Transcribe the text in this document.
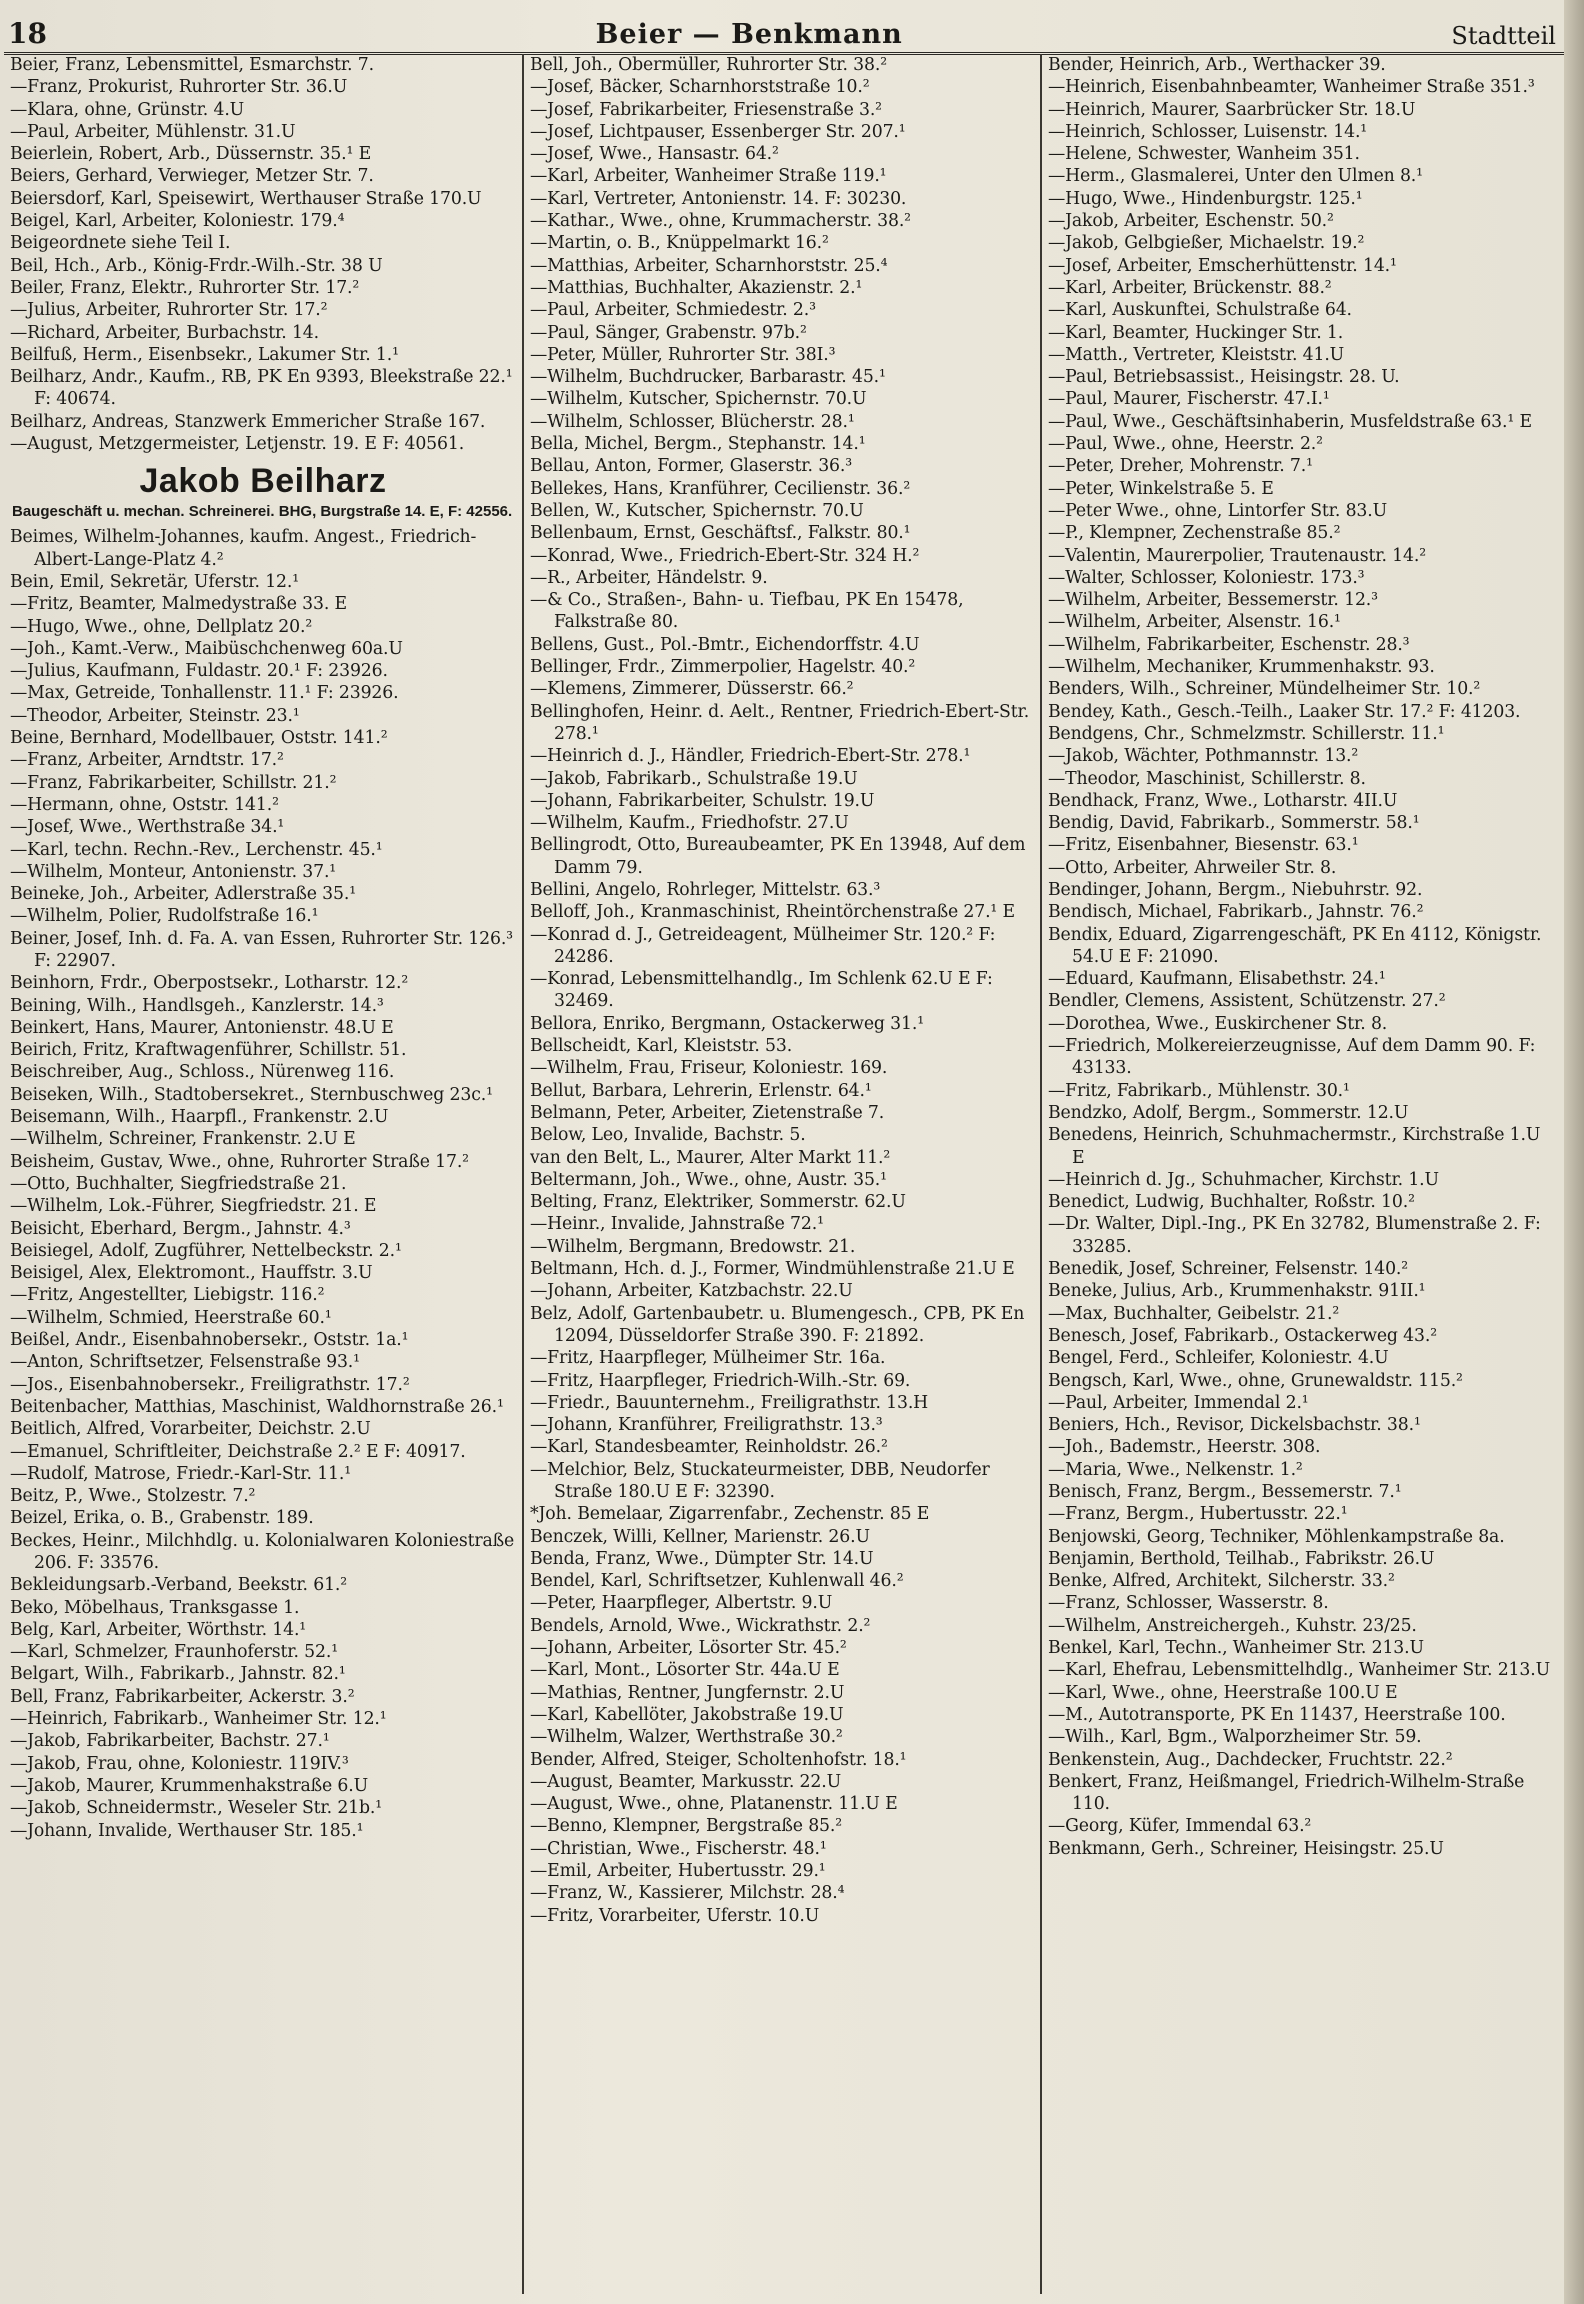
18	Beier — Benkmann	Stadtteil
Beier, Franz, Lebensmittel, Esmarchstr. 7.
—Franz, Prokurist, Ruhrorter Str. 36.U
—Klara, ohne, Grünstr. 4.U
—Paul, Arbeiter, Mühlenstr. 31.U
Beierlein, Robert, Arb., Düssernstr. 35.¹ E
Beiers, Gerhard, Verwieger, Metzer Str. 7.
Beiersdorf, Karl, Speisewirt, Werthauser Straße 170.U
Beigel, Karl, Arbeiter, Koloniestr. 179.⁴
Beigeordnete siehe Teil I.
Beil, Hch., Arb., König-Frdr.-Wilh.-Str. 38 U
Beiler, Franz, Elektr., Ruhrorter Str. 17.²
—Julius, Arbeiter, Ruhrorter Str. 17.²
—Richard, Arbeiter, Burbachstr. 14.
Beilfuß, Herm., Eisenbsekr., Lakumer Str. 1.¹
Beilharz, Andr., Kaufm., RB, PK En 9393, Bleekstraße 22.¹ F: 40674.
Beilharz, Andreas, Stanzwerk Emmericher Straße 167.
—August, Metzgermeister, Letjenstr. 19. E F: 40561.
Jakob Beilharz
Baugeschäft u. mechan. Schreinerei. BHG, Burgstraße 14. E, F: 42556.
Beimes, Wilhelm-Johannes, kaufm. Angest., Friedrich-Albert-Lange-Platz 4.²
Bein, Emil, Sekretär, Uferstr. 12.¹
—Fritz, Beamter, Malmedystraße 33. E
—Hugo, Wwe., ohne, Dellplatz 20.²
—Joh., Kamt.-Verw., Maibüschchenweg 60a.U
—Julius, Kaufmann, Fuldastr. 20.¹ F: 23926.
—Max, Getreide, Tonhallenstr. 11.¹ F: 23926.
—Theodor, Arbeiter, Steinstr. 23.¹
Beine, Bernhard, Modellbauer, Oststr. 141.²
—Franz, Arbeiter, Arndtstr. 17.²
—Franz, Fabrikarbeiter, Schillstr. 21.²
—Hermann, ohne, Oststr. 141.²
—Josef, Wwe., Werthstraße 34.¹
—Karl, techn. Rechn.-Rev., Lerchenstr. 45.¹
—Wilhelm, Monteur, Antonienstr. 37.¹
Beineke, Joh., Arbeiter, Adlerstraße 35.¹
—Wilhelm, Polier, Rudolfstraße 16.¹
Beiner, Josef, Inh. d. Fa. A. van Essen, Ruhrorter Str. 126.³ F: 22907.
Beinhorn, Frdr., Oberpostsekr., Lotharstr. 12.²
Beining, Wilh., Handlsgeh., Kanzlerstr. 14.³
Beinkert, Hans, Maurer, Antonienstr. 48.U E
Beirich, Fritz, Kraftwagenführer, Schillstr. 51.
Beischreiber, Aug., Schloss., Nürenweg 116.
Beiseken, Wilh., Stadtobersekret., Sternbuschweg 23c.¹
Beisemann, Wilh., Haarpfl., Frankenstr. 2.U
—Wilhelm, Schreiner, Frankenstr. 2.U E
Beisheim, Gustav, Wwe., ohne, Ruhrorter Straße 17.²
—Otto, Buchhalter, Siegfriedstraße 21.
—Wilhelm, Lok.-Führer, Siegfriedstr. 21. E
Beisicht, Eberhard, Bergm., Jahnstr. 4.³
Beisiegel, Adolf, Zugführer, Nettelbeckstr. 2.¹
Beisigel, Alex, Elektromont., Hauffstr. 3.U
—Fritz, Angestellter, Liebigstr. 116.²
—Wilhelm, Schmied, Heerstraße 60.¹
Beißel, Andr., Eisenbahnobersekr., Oststr. 1a.¹
—Anton, Schriftsetzer, Felsenstraße 93.¹
—Jos., Eisenbahnobersekr., Freiligrathstr. 17.²
Beitenbacher, Matthias, Maschinist, Waldhornstraße 26.¹
Beitlich, Alfred, Vorarbeiter, Deichstr. 2.U
—Emanuel, Schriftleiter, Deichstraße 2.² E F: 40917.
—Rudolf, Matrose, Friedr.-Karl-Str. 11.¹
Beitz, P., Wwe., Stolzestr. 7.²
Beizel, Erika, o. B., Grabenstr. 189.
Beckes, Heinr., Milchhdlg. u. Kolonialwaren Koloniestraße 206. F: 33576.
Bekleidungsarb.-Verband, Beekstr. 61.²
Beko, Möbelhaus, Tranksgasse 1.
Belg, Karl, Arbeiter, Wörthstr. 14.¹
—Karl, Schmelzer, Fraunhoferstr. 52.¹
Belgart, Wilh., Fabrikarb., Jahnstr. 82.¹
Bell, Franz, Fabrikarbeiter, Ackerstr. 3.²
—Heinrich, Fabrikarb., Wanheimer Str. 12.¹
—Jakob, Fabrikarbeiter, Bachstr. 27.¹
—Jakob, Frau, ohne, Koloniestr. 119IV.³
—Jakob, Maurer, Krummenhakstraße 6.U
—Jakob, Schneidermstr., Weseler Str. 21b.¹
—Johann, Invalide, Werthauser Str. 185.¹
Bell, Joh., Obermüller, Ruhrorter Str. 38.²
—Josef, Bäcker, Scharnhorststraße 10.²
—Josef, Fabrikarbeiter, Friesenstraße 3.²
—Josef, Lichtpauser, Essenberger Str. 207.¹
—Josef, Wwe., Hansastr. 64.²
—Karl, Arbeiter, Wanheimer Straße 119.¹
—Karl, Vertreter, Antonienstr. 14. F: 30230.
—Kathar., Wwe., ohne, Krummacherstr. 38.²
—Martin, o. B., Knüppelmarkt 16.²
—Matthias, Arbeiter, Scharnhorststr. 25.⁴
—Matthias, Buchhalter, Akazienstr. 2.¹
—Paul, Arbeiter, Schmiedestr. 2.³
—Paul, Sänger, Grabenstr. 97b.²
—Peter, Müller, Ruhrorter Str. 38I.³
—Wilhelm, Buchdrucker, Barbarastr. 45.¹
—Wilhelm, Kutscher, Spichernstr. 70.U
—Wilhelm, Schlosser, Blücherstr. 28.¹
Bella, Michel, Bergm., Stephanstr. 14.¹
Bellau, Anton, Former, Glaserstr. 36.³
Bellekes, Hans, Kranführer, Cecilienstr. 36.²
Bellen, W., Kutscher, Spichernstr. 70.U
Bellenbaum, Ernst, Geschäftsf., Falkstr. 80.¹
—Konrad, Wwe., Friedrich-Ebert-Str. 324 H.²
—R., Arbeiter, Händelstr. 9.
—& Co., Straßen-, Bahn- u. Tiefbau, PK En 15478, Falkstraße 80.
Bellens, Gust., Pol.-Bmtr., Eichendorffstr. 4.U
Bellinger, Frdr., Zimmerpolier, Hagelstr. 40.²
—Klemens, Zimmerer, Düsserstr. 66.²
Bellinghofen, Heinr. d. Aelt., Rentner, Friedrich-Ebert-Str. 278.¹
—Heinrich d. J., Händler, Friedrich-Ebert-Str. 278.¹
—Jakob, Fabrikarb., Schulstraße 19.U
—Johann, Fabrikarbeiter, Schulstr. 19.U
—Wilhelm, Kaufm., Friedhofstr. 27.U
Bellingrodt, Otto, Bureaubeamter, PK En 13948, Auf dem Damm 79.
Bellini, Angelo, Rohrleger, Mittelstr. 63.³
Belloff, Joh., Kranmaschinist, Rheintörchenstraße 27.¹ E
—Konrad d. J., Getreideagent, Mülheimer Str. 120.² F: 24286.
—Konrad, Lebensmittelhandlg., Im Schlenk 62.U E F: 32469.
Bellora, Enriko, Bergmann, Ostackerweg 31.¹
Bellscheidt, Karl, Kleiststr. 53.
—Wilhelm, Frau, Friseur, Koloniestr. 169.
Bellut, Barbara, Lehrerin, Erlenstr. 64.¹
Belmann, Peter, Arbeiter, Zietenstraße 7.
Below, Leo, Invalide, Bachstr. 5.
van den Belt, L., Maurer, Alter Markt 11.²
Beltermann, Joh., Wwe., ohne, Austr. 35.¹
Belting, Franz, Elektriker, Sommerstr. 62.U
—Heinr., Invalide, Jahnstraße 72.¹
—Wilhelm, Bergmann, Bredowstr. 21.
Beltmann, Hch. d. J., Former, Windmühlenstraße 21.U E
—Johann, Arbeiter, Katzbachstr. 22.U
Belz, Adolf, Gartenbaubetr. u. Blumengesch., CPB, PK En 12094, Düsseldorfer Straße 390. F: 21892.
—Fritz, Haarpfleger, Mülheimer Str. 16a.
—Fritz, Haarpfleger, Friedrich-Wilh.-Str. 69.
—Friedr., Bauunternehm., Freiligrathstr. 13.H
—Johann, Kranführer, Freiligrathstr. 13.³
—Karl, Standesbeamter, Reinholdstr. 26.²
—Melchior, Belz, Stuckateurmeister, DBB, Neudorfer Straße 180.U E F: 32390.
*Joh. Bemelaar, Zigarrenfabr., Zechenstr. 85 E
Benczek, Willi, Kellner, Marienstr. 26.U
Benda, Franz, Wwe., Dümpter Str. 14.U
Bendel, Karl, Schriftsetzer, Kuhlenwall 46.²
—Peter, Haarpfleger, Albertstr. 9.U
Bendels, Arnold, Wwe., Wickrathstr. 2.²
—Johann, Arbeiter, Lösorter Str. 45.²
—Karl, Mont., Lösorter Str. 44a.U E
—Mathias, Rentner, Jungfernstr. 2.U
—Karl, Kabellöter, Jakobstraße 19.U
—Wilhelm, Walzer, Werthstraße 30.²
Bender, Alfred, Steiger, Scholtenhofstr. 18.¹
—August, Beamter, Markusstr. 22.U
—August, Wwe., ohne, Platanenstr. 11.U E
—Benno, Klempner, Bergstraße 85.²
—Christian, Wwe., Fischerstr. 48.¹
—Emil, Arbeiter, Hubertusstr. 29.¹
—Franz, W., Kassierer, Milchstr. 28.⁴
—Fritz, Vorarbeiter, Uferstr. 10.U
Bender, Heinrich, Arb., Werthacker 39.
—Heinrich, Eisenbahnbeamter, Wanheimer Straße 351.³
—Heinrich, Maurer, Saarbrücker Str. 18.U
—Heinrich, Schlosser, Luisenstr. 14.¹
—Helene, Schwester, Wanheim 351.
—Herm., Glasmalerei, Unter den Ulmen 8.¹
—Hugo, Wwe., Hindenburgstr. 125.¹
—Jakob, Arbeiter, Eschenstr. 50.²
—Jakob, Gelbgießer, Michaelstr. 19.²
—Josef, Arbeiter, Emscherhüttenstr. 14.¹
—Karl, Arbeiter, Brückenstr. 88.²
—Karl, Auskunftei, Schulstraße 64.
—Karl, Beamter, Huckinger Str. 1.
—Matth., Vertreter, Kleiststr. 41.U
—Paul, Betriebsassist., Heisingstr. 28. U.
—Paul, Maurer, Fischerstr. 47.I.¹
—Paul, Wwe., Geschäftsinhaberin, Musfeldstraße 63.¹ E
—Paul, Wwe., ohne, Heerstr. 2.²
—Peter, Dreher, Mohrenstr. 7.¹
—Peter, Winkelstraße 5. E
—Peter Wwe., ohne, Lintorfer Str. 83.U
—P., Klempner, Zechenstraße 85.²
—Valentin, Maurerpolier, Trautenaustr. 14.²
—Walter, Schlosser, Koloniestr. 173.³
—Wilhelm, Arbeiter, Bessemerstr. 12.³
—Wilhelm, Arbeiter, Alsenstr. 16.¹
—Wilhelm, Fabrikarbeiter, Eschenstr. 28.³
—Wilhelm, Mechaniker, Krummenhakstr. 93.
Benders, Wilh., Schreiner, Mündelheimer Str. 10.²
Bendey, Kath., Gesch.-Teilh., Laaker Str. 17.² F: 41203.
Bendgens, Chr., Schmelzmstr. Schillerstr. 11.¹
—Jakob, Wächter, Pothmannstr. 13.²
—Theodor, Maschinist, Schillerstr. 8.
Bendhack, Franz, Wwe., Lotharstr. 4II.U
Bendig, David, Fabrikarb., Sommerstr. 58.¹
—Fritz, Eisenbahner, Biesenstr. 63.¹
—Otto, Arbeiter, Ahrweiler Str. 8.
Bendinger, Johann, Bergm., Niebuhrstr. 92.
Bendisch, Michael, Fabrikarb., Jahnstr. 76.²
Bendix, Eduard, Zigarrengeschäft, PK En 4112, Königstr. 54.U E F: 21090.
—Eduard, Kaufmann, Elisabethstr. 24.¹
Bendler, Clemens, Assistent, Schützenstr. 27.²
—Dorothea, Wwe., Euskirchener Str. 8.
—Friedrich, Molkereierzeugnisse, Auf dem Damm 90. F: 43133.
—Fritz, Fabrikarb., Mühlenstr. 30.¹
Bendzko, Adolf, Bergm., Sommerstr. 12.U
Benedens, Heinrich, Schuhmachermstr., Kirchstraße 1.U E
—Heinrich d. Jg., Schuhmacher, Kirchstr. 1.U
Benedict, Ludwig, Buchhalter, Roßstr. 10.²
—Dr. Walter, Dipl.-Ing., PK En 32782, Blumenstraße 2. F: 33285.
Benedik, Josef, Schreiner, Felsenstr. 140.²
Beneke, Julius, Arb., Krummenhakstr. 91II.¹
—Max, Buchhalter, Geibelstr. 21.²
Benesch, Josef, Fabrikarb., Ostackerweg 43.²
Bengel, Ferd., Schleifer, Koloniestr. 4.U
Bengsch, Karl, Wwe., ohne, Grunewaldstr. 115.²
—Paul, Arbeiter, Immendal 2.¹
Beniers, Hch., Revisor, Dickelsbachstr. 38.¹
—Joh., Bademstr., Heerstr. 308.
—Maria, Wwe., Nelkenstr. 1.²
Benisch, Franz, Bergm., Bessemerstr. 7.¹
—Franz, Bergm., Hubertusstr. 22.¹
Benjowski, Georg, Techniker, Möhlenkampstraße 8a.
Benjamin, Berthold, Teilhab., Fabrikstr. 26.U
Benke, Alfred, Architekt, Silcherstr. 33.²
—Franz, Schlosser, Wasserstr. 8.
—Wilhelm, Anstreichergeh., Kuhstr. 23/25.
Benkel, Karl, Techn., Wanheimer Str. 213.U
—Karl, Ehefrau, Lebensmittelhdlg., Wanheimer Str. 213.U
—Karl, Wwe., ohne, Heerstraße 100.U E
—M., Autotransporte, PK En 11437, Heerstraße 100.
—Wilh., Karl, Bgm., Walporzheimer Str. 59.
Benkenstein, Aug., Dachdecker, Fruchtstr. 22.²
Benkert, Franz, Heißmangel, Friedrich-Wilhelm-Straße 110.
—Georg, Küfer, Immendal 63.²
Benkmann, Gerh., Schreiner, Heisingstr. 25.U
